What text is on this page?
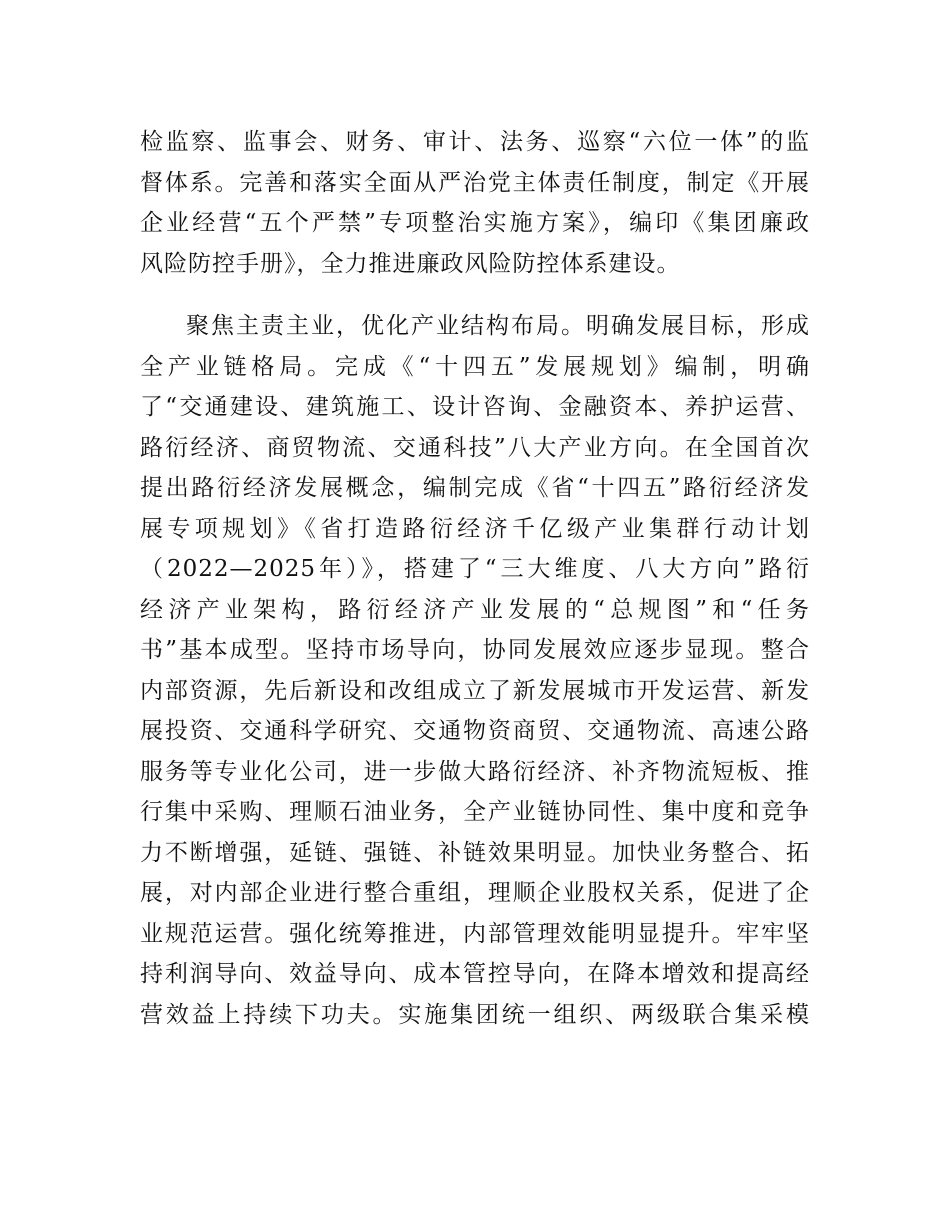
检监察、监事会、财务、审计、法务、巡察“六位一体”的监
督体系。完善和落实全面从严治党主体责任制度，制定《开展
企业经营“五个严禁”专项整治实施方案》，编印《集团廉政
风险防控手册》，全力推进廉政风险防控体系建设。
聚焦主责主业，优化产业结构布局。明确发展目标，形成
全产业链格局。完成《“十四五”发展规划》编制，明确
了“交通建设、建筑施工、设计咨询、金融资本、养护运营、
路衍经济、商贸物流、交通科技”八大产业方向。在全国首次
提出路衍经济发展概念，编制完成《省“十四五”路衍经济发
展专项规划》《省打造路衍经济千亿级产业集群行动计划
（2022—2025年）》，搭建了“三大维度、八大方向”路衍
经济产业架构，路衍经济产业发展的“总规图”和“任务
书”基本成型。坚持市场导向，协同发展效应逐步显现。整合
内部资源，先后新设和改组成立了新发展城市开发运营、新发
展投资、交通科学研究、交通物资商贸、交通物流、高速公路
服务等专业化公司，进一步做大路衍经济、补齐物流短板、推
行集中采购、理顺石油业务，全产业链协同性、集中度和竞争
力不断增强，延链、强链、补链效果明显。加快业务整合、拓
展，对内部企业进行整合重组，理顺企业股权关系，促进了企
业规范运营。强化统筹推进，内部管理效能明显提升。牢牢坚
持利润导向、效益导向、成本管控导向，在降本增效和提高经
营效益上持续下功夫。实施集团统一组织、两级联合集采模
